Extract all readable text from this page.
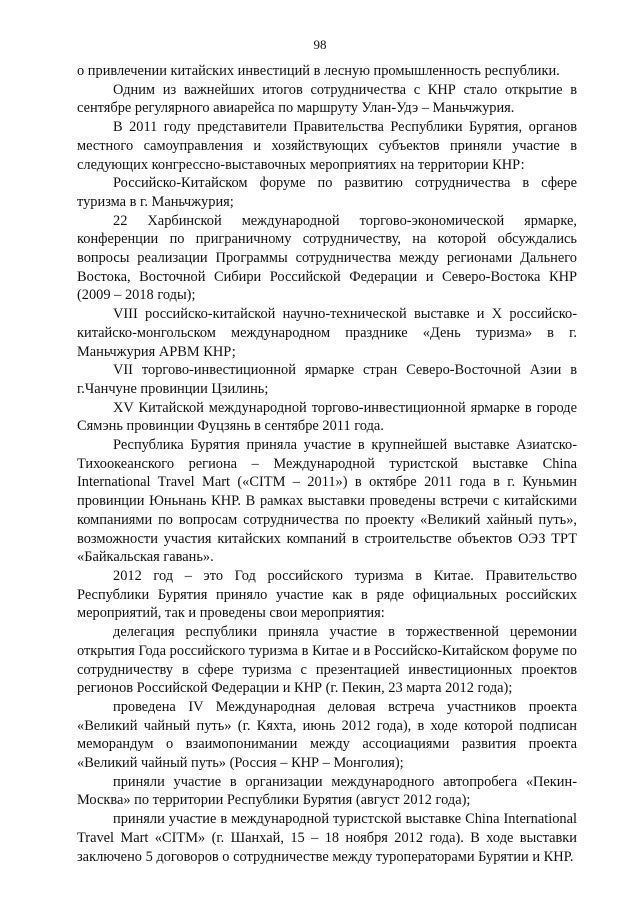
98

о привлечении китайских инвестиций в лесную промышленность республики.

Одним из важнейших итогов сотрудничества с КНР стало открытие в сентябре регулярного авиарейса по маршруту Улан-Удэ – Маньчжурия.

В 2011 году представители Правительства Республики Бурятия, органов местного самоуправления и хозяйствующих субъектов приняли участие в следующих конгрессно-выставочных мероприятиях на территории КНР:

Российско-Китайском форуме по развитию сотрудничества в сфере туризма в г. Маньчжурия;

22 Харбинской международной торгово-экономической ярмарке, конференции по приграничному сотрудничеству, на которой обсуждались вопросы реализации Программы сотрудничества между регионами Дальнего Востока, Восточной Сибири Российской Федерации и Северо-Востока КНР (2009 – 2018 годы);

VIII российско-китайской научно-технической выставке и X российско-китайско-монгольском международном празднике «День туризма» в г. Маньчжурия АРВМ КНР;

VII торгово-инвестиционной ярмарке стран Северо-Восточной Азии в г.Чанчуне провинции Цзилинь;

XV Китайской международной торгово-инвестиционной ярмарке в городе Сямэнь провинции Фуцзянь в сентябре 2011 года.

Республика Бурятия приняла участие в крупнейшей выставке Азиатско-Тихоокеанского региона – Международной туристской выставке China International Travel Mart («CITM – 2011») в октябре 2011 года в г. Куньмин провинции Юньнань КНР. В рамках выставки проведены встречи с китайскими компаниями по вопросам сотрудничества по проекту «Великий хайный путь», возможности участия китайских компаний в строительстве объектов ОЭЗ ТРТ «Байкальская гавань».

2012 год – это Год российского туризма в Китае. Правительство Республики Бурятия приняло участие как в ряде официальных российских мероприятий, так и проведены свои мероприятия:

делегация республики приняла участие в торжественной церемонии открытия Года российского туризма в Китае и в Российско-Китайском форуме по сотрудничеству в сфере туризма с презентацией инвестиционных проектов регионов Российской Федерации и КНР (г. Пекин, 23 марта 2012 года);

проведена IV Международная деловая встреча участников проекта «Великий чайный путь» (г. Кяхта, июнь 2012 года), в ходе которой подписан меморандум о взаимопонимании между ассоциациями развития проекта «Великий чайный путь» (Россия – КНР – Монголия);

приняли участие в организации международного автопробега «Пекин-Москва» по территории Республики Бурятия (август 2012 года);

приняли участие в международной туристской выставке China International Travel Mart «CITM» (г. Шанхай, 15 – 18 ноября 2012 года). В ходе выставки заключено 5 договоров о сотрудничестве между туроператорами Бурятии и КНР.
